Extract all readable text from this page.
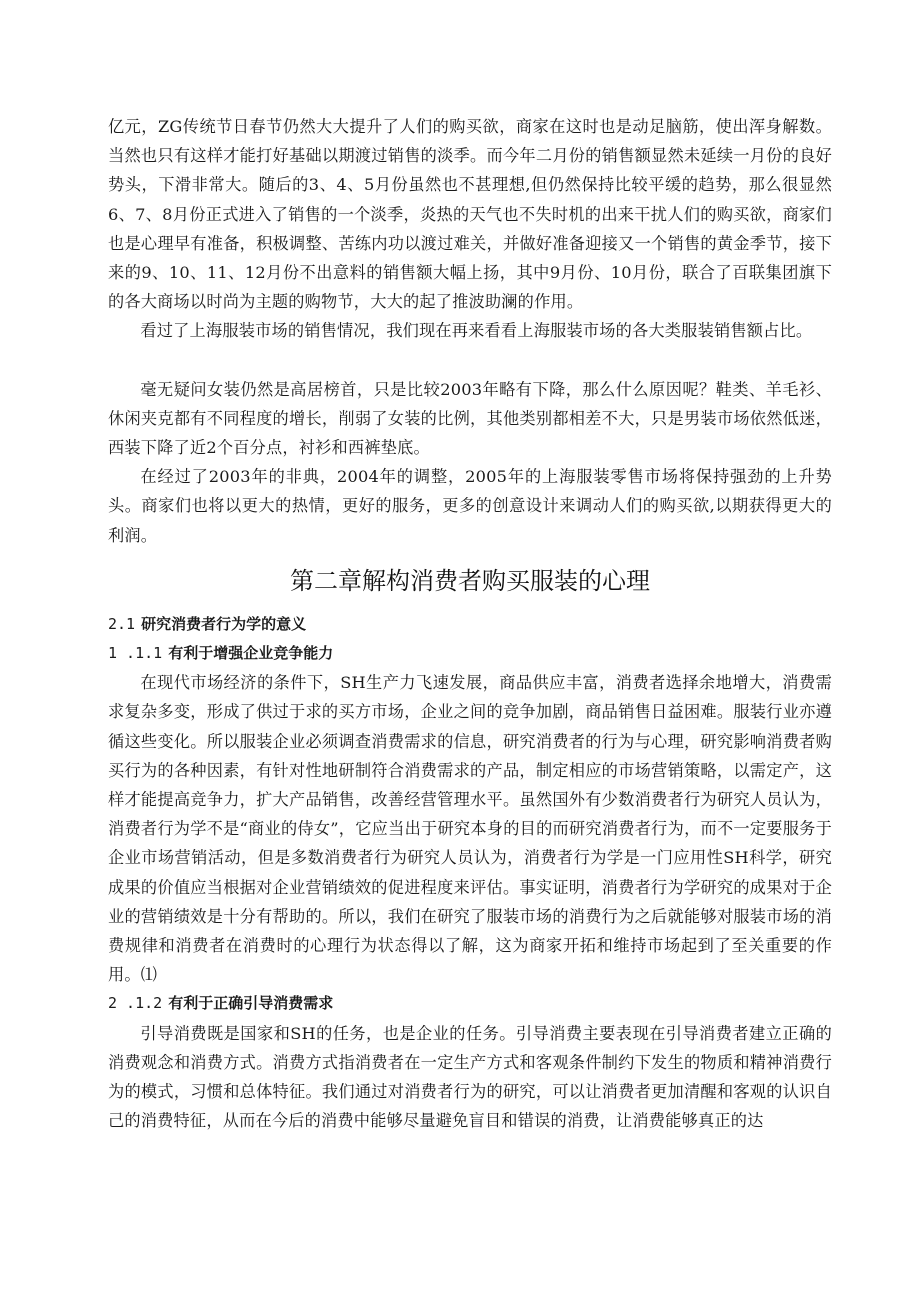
亿元，ZG传统节日春节仍然大大提升了人们的购买欲，商家在这时也是动足脑筋，使出浑身解数。当然也只有这样才能打好基础以期渡过销售的淡季。而今年二月份的销售额显然未延续一月份的良好势头，下滑非常大。随后的3、4、5月份虽然也不甚理想,但仍然保持比较平缓的趋势，那么很显然6、7、8月份正式进入了销售的一个淡季，炎热的天气也不失时机的出来干扰人们的购买欲，商家们也是心理早有准备，积极调整、苦练内功以渡过难关，并做好准备迎接又一个销售的黄金季节，接下来的9、10、11、12月份不出意料的销售额大幅上扬，其中9月份、10月份，联合了百联集团旗下的各大商场以时尚为主题的购物节，大大的起了推波助澜的作用。

看过了上海服装市场的销售情况，我们现在再来看看上海服装市场的各大类服装销售额占比。

毫无疑问女装仍然是高居榜首，只是比较2003年略有下降，那么什么原因呢？鞋类、羊毛衫、休闲夹克都有不同程度的增长，削弱了女装的比例，其他类别都相差不大，只是男装市场依然低迷，西装下降了近2个百分点，衬衫和西裤垫底。

在经过了2003年的非典，2004年的调整，2005年的上海服装零售市场将保持强劲的上升势头。商家们也将以更大的热情，更好的服务，更多的创意设计来调动人们的购买欲,以期获得更大的利润。

第二章解构消费者购买服装的心理
2.1 研究消费者行为学的意义
1 .1.1 有利于增强企业竞争能力

在现代市场经济的条件下，SH生产力飞速发展，商品供应丰富，消费者选择余地增大，消费需求复杂多变，形成了供过于求的买方市场，企业之间的竞争加剧，商品销售日益困难。服装行业亦遵循这些变化。所以服装企业必须调查消费需求的信息，研究消费者的行为与心理，研究影响消费者购买行为的各种因素，有针对性地研制符合消费需求的产品，制定相应的市场营销策略，以需定产，这样才能提高竞争力，扩大产品销售，改善经营管理水平。虽然国外有少数消费者行为研究人员认为，消费者行为学不是“商业的侍女”，它应当出于研究本身的目的而研究消费者行为，而不一定要服务于企业市场营销活动，但是多数消费者行为研究人员认为，消费者行为学是一门应用性SH科学，研究成果的价值应当根据对企业营销绩效的促进程度来评估。事实证明，消费者行为学研究的成果对于企业的营销绩效是十分有帮助的。所以，我们在研究了服装市场的消费行为之后就能够对服装市场的消费规律和消费者在消费时的心理行为状态得以了解，这为商家开拓和维持市场起到了至关重要的作用。⑴

2 .1.2 有利于正确引导消费需求

引导消费既是国家和SH的任务，也是企业的任务。引导消费主要表现在引导消费者建立正确的消费观念和消费方式。消费方式指消费者在一定生产方式和客观条件制约下发生的物质和精神消费行为的模式，习惯和总体特征。我们通过对消费者行为的研究，可以让消费者更加清醒和客观的认识自己的消费特征，从而在今后的消费中能够尽量避免盲目和错误的消费，让消费能够真正的达
